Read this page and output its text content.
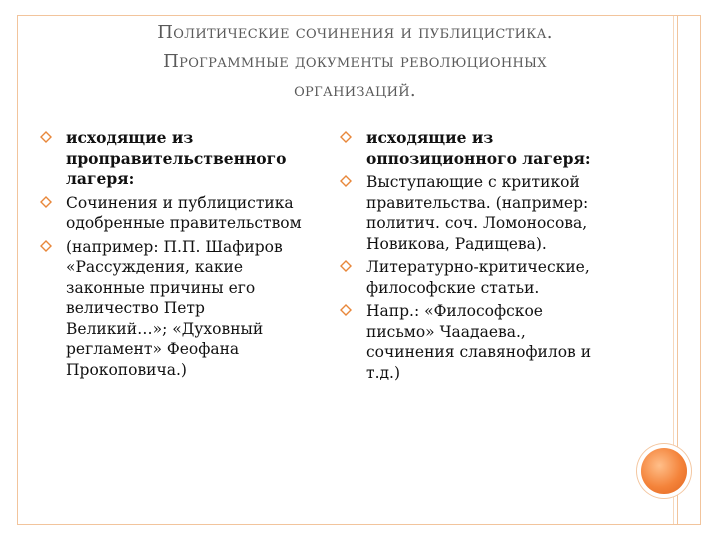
Политические сочинения и публицистика.
Программные документы революционных
организаций.
исходящие из проправительственного лагеря:
Сочинения и публицистика одобренные правительством
(например: П.П. Шафиров «Рассуждения, какие законные причины его величество Петр Великий…»; «Духовный регламент» Феофана Прокоповича.)
исходящие из оппозиционного лагеря:
Выступающие с критикой правительства. (например: политич. соч. Ломоносова, Новикова, Радищева).
Литературно-критические, философские статьи.
Напр.: «Философское письмо» Чаадаева., сочинения славянофилов и т.д.)
